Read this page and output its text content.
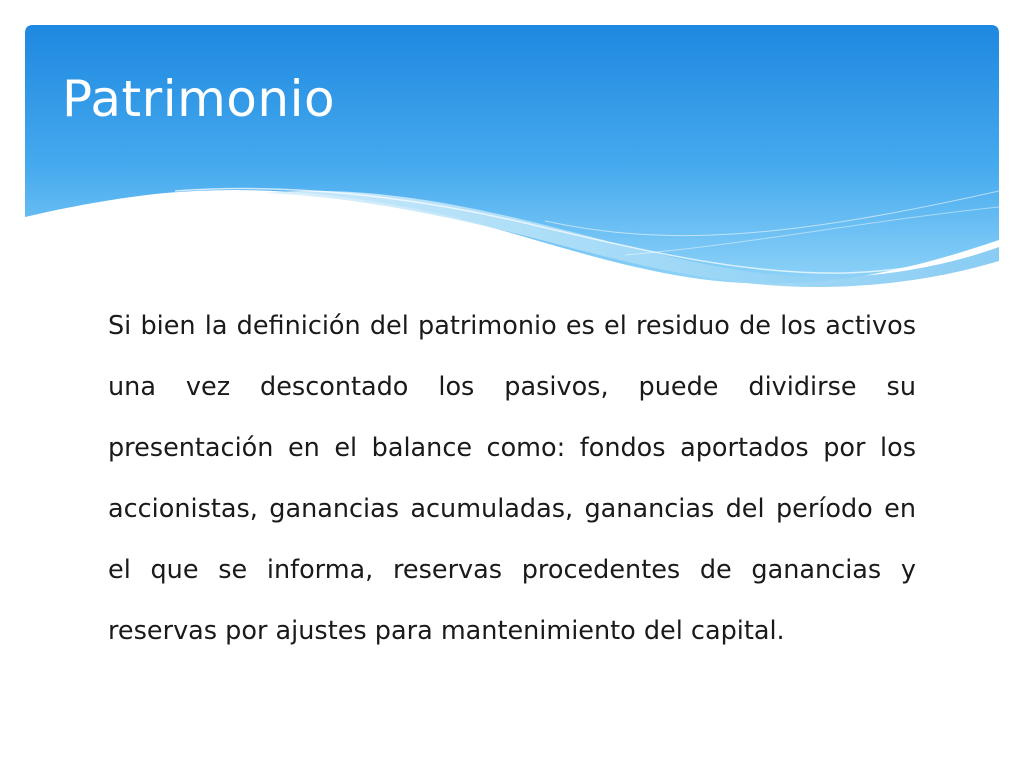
Patrimonio

Si bien la definición del patrimonio es el residuo de los activos una vez descontado los pasivos, puede dividirse su presentación en el balance como: fondos aportados por los accionistas, ganancias acumuladas, ganancias del período en el que se informa, reservas procedentes de ganancias y reservas por ajustes para mantenimiento del capital.
